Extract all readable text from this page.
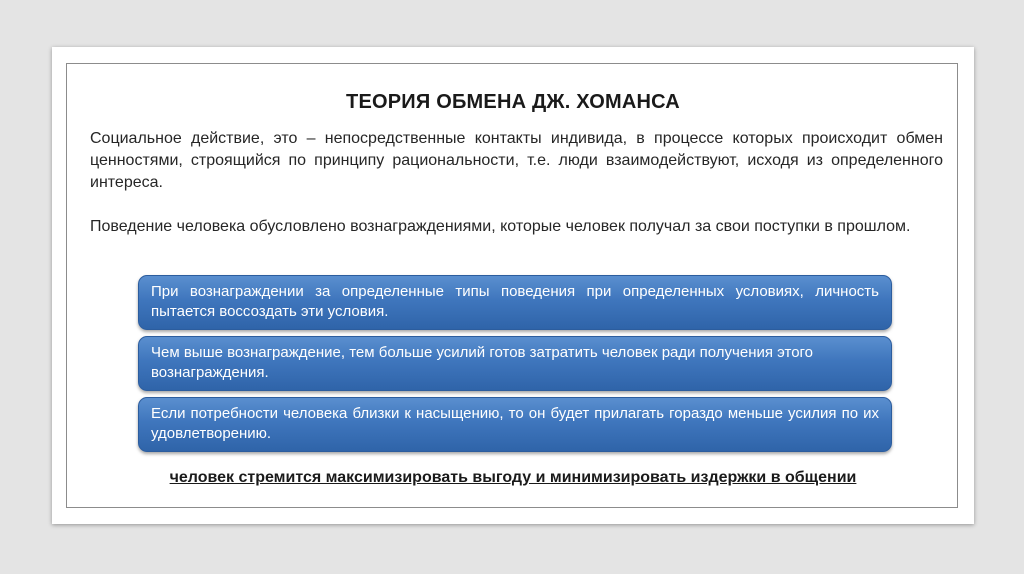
ТЕОРИЯ ОБМЕНА ДЖ. ХОМАНСА
Социальное действие, это – непосредственные контакты индивида, в процессе которых происходит обмен ценностями, строящийся по принципу рациональности, т.е. люди взаимодействуют, исходя из определенного интереса.
Поведение человека обусловлено вознаграждениями, которые человек получал за свои поступки в прошлом.
При вознаграждении за определенные типы поведения при определенных условиях, личность пытается воссоздать эти условия.
Чем выше вознаграждение, тем больше усилий готов затратить человек ради получения этого вознаграждения.
Если потребности человека близки к насыщению, то он будет прилагать гораздо меньше усилия по их удовлетворению.
человек стремится максимизировать выгоду и минимизировать издержки в общении
